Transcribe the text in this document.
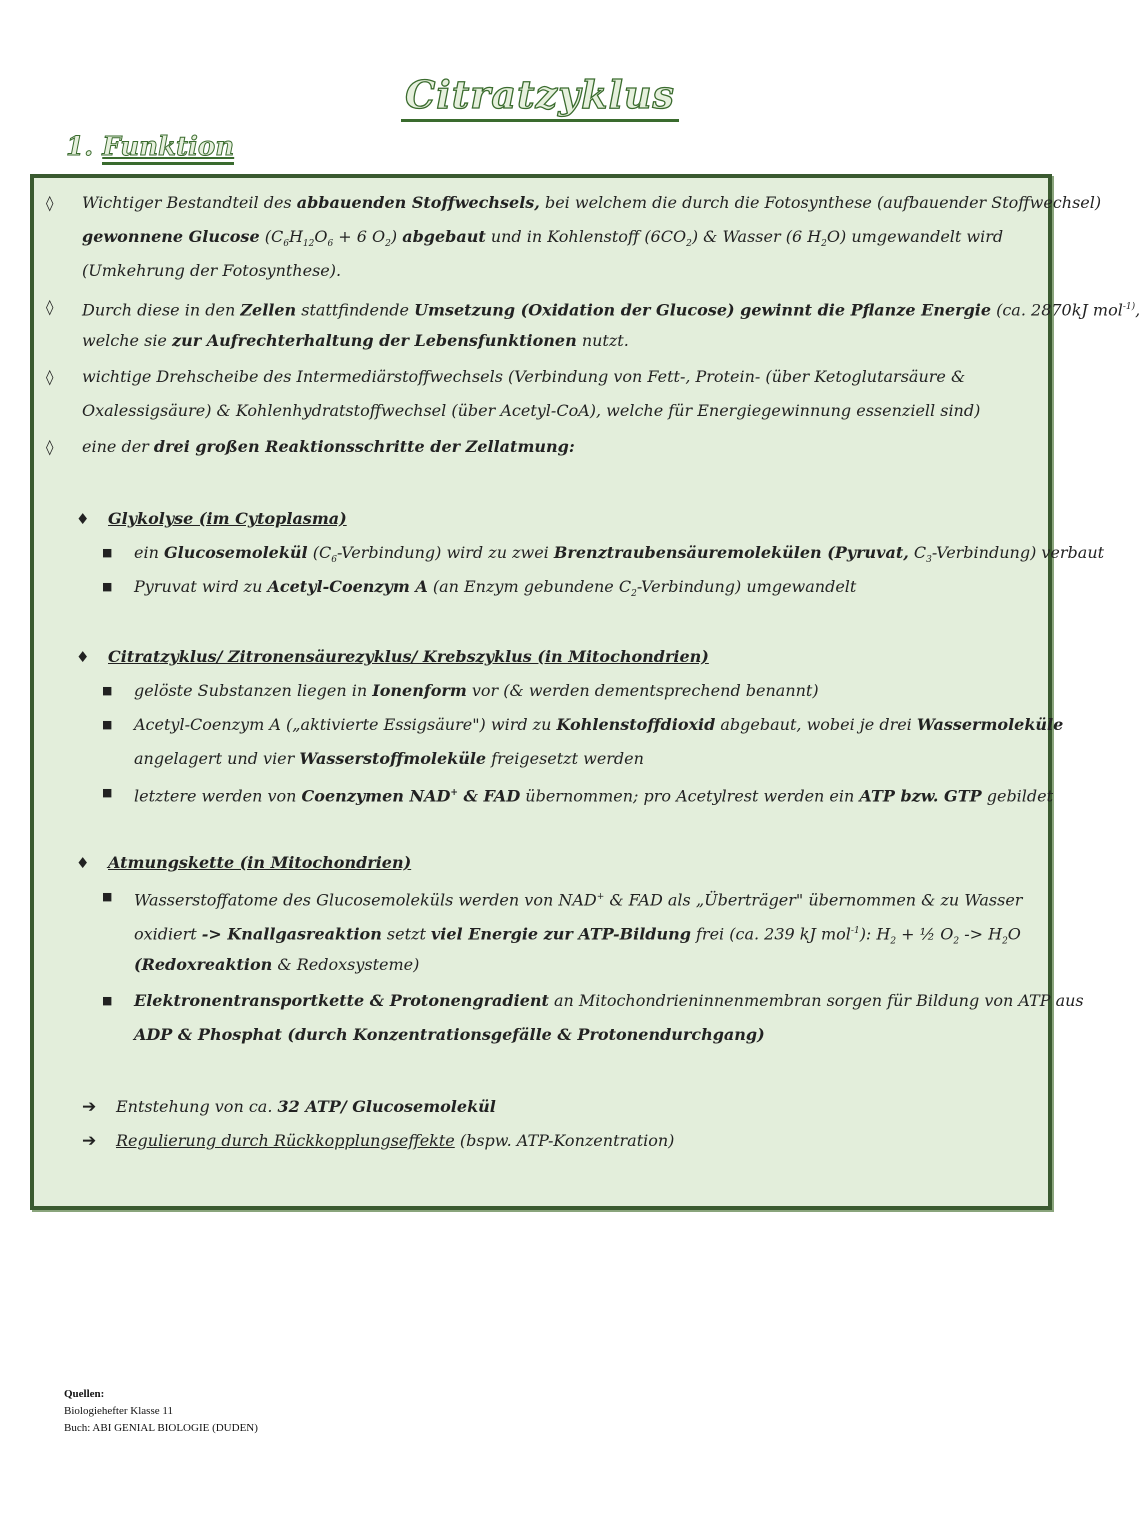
Citratzyklus
1. Funktion
◊ Wichtiger Bestandteil des abbauenden Stoffwechsels, bei welchem die durch die Fotosynthese (aufbauender Stoffwechsel)
gewonnene Glucose ($C_6H_{12}O_6 + 6$ $O_2$) abgebaut und in Kohlenstoff $(6CO_2)$ & Wasser (6 $H_2O$) umgewandelt wird
(Umkehrung der Fotosynthese).
◊ Durch diese in den Zellen stattfindende Umsetzung (Oxidation der Glucose) gewinnt die Pflanze Energie (ca. 2870kJ mol$^{-1)}$,
welche sie zur Aufrechterhaltung der Lebensfunktionen nutzt.
◊ wichtige Drehscheibe des Intermediärstoffwechsels (Verbindung von Fett-, Protein- (über Ketoglutarsäure &
Oxalessigsäure) & Kohlenhydratstoffwechsel (über Acetyl-CoA), welche für Energiegewinnung essenziell sind)
◊ eine der drei großen Reaktionsschritte der Zellatmung:
♦ Glykolyse (im Cytoplasma)
■ ein Glucosemolekül $(C_6-Verbindung)$ wird zu zwei Brenztraubensäuremolekülen (Pyruvat, $C_3-Verbindung$) verbaut
■ Pyruvat wird zu Acetyl-Coenzym A (an Enzym gebundene $C_2-Verbindung$) umgewandelt
♦ Citratzyklus/ Zitronensäurezyklus/ Krebszyklus (in Mitochondrien)
■ gelöste Substanzen liegen in Ionenform vor (& werden dementsprechend benannt)
■ Acetyl-Coenzym A („aktivierte Essigsäure") wird zu Kohlenstoffdioxid abgebaut, wobei je drei Wassermoleküle
angelagert und vier Wasserstoffmoleküle freigesetzt werden
■ letztere werden von Coenzymen NAD+ & FAD übernommen; pro Acetylrest werden ein ATP bzw. GTP gebildet
♦ Atmungskette (in Mitochondrien)
■ Wasserstoffatome des Glucosemoleküls werden von NAD+ & FAD als „Überträger" übernommen & zu Wasser
oxidiert -> Knallgasreaktion setzt viel Energie zur ATP-Bildung frei (ca. 239 kJ mol$^{-1}$): $H_2$ + ½ $O_2 -> H_2O$
(Redoxreaktion & Redoxsysteme)
■ Elektronentransportkette & Protonengradient an Mitochondrieninnenmembran sorgen für Bildung von ATP aus
ADP & Phosphat (durch Konzentrationsgefälle & Protonendurchgang)
➔ Entstehung von ca. 32 ATP/ Glucosemolekül
➔ Regulierung durch Rückkopplungseffekte (bspw. ATP-Konzentration)
Quellen:
Biologiehefter Klasse 11
Buch: ABI GENIAL BIOLOGIE (DUDEN)
